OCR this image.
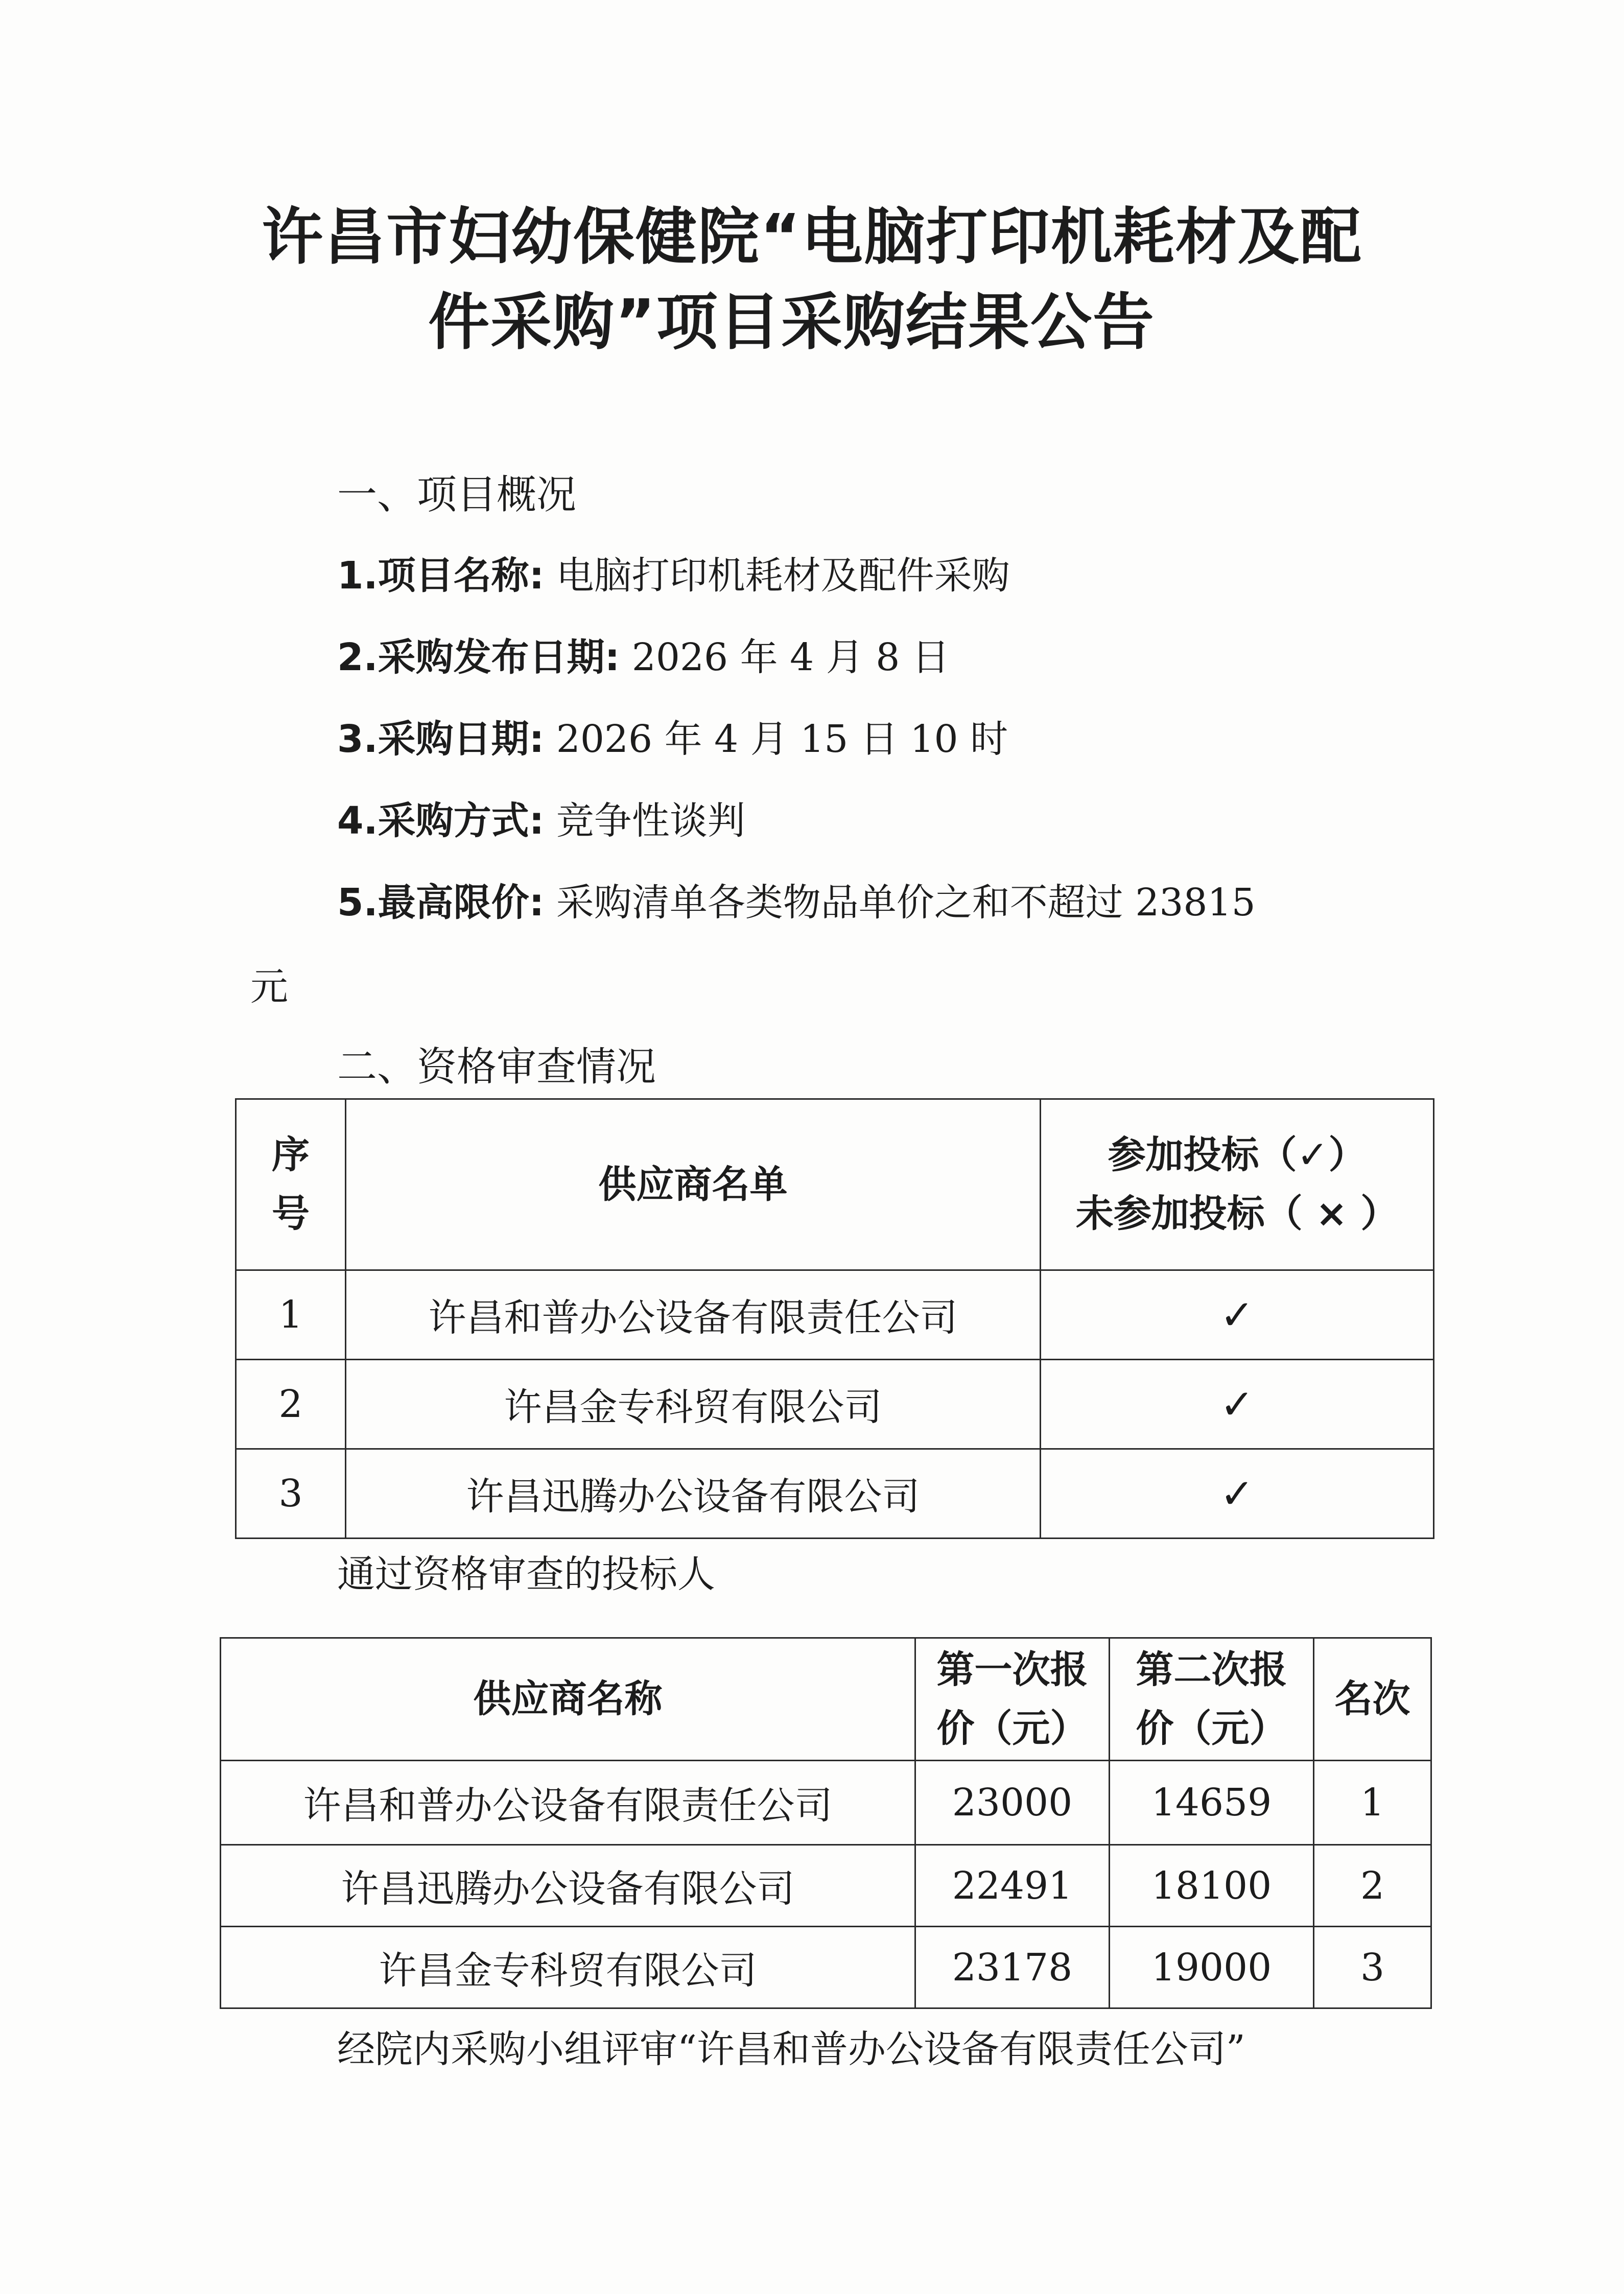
许昌市妇幼保健院“电脑打印机耗材及配
件采购”项目采购结果公告
一、项目概况
1.项目名称: 电脑打印机耗材及配件采购
2.采购发布日期: 2026 年 4 月 8 日
3.采购日期: 2026 年 4 月 15 日 10 时
4.采购方式: 竞争性谈判
5.最高限价: 采购清单各类物品单价之和不超过 23815
元
二、资格审查情况
序号	供应商名单	参加投标（✓）
未参加投标（ × ）

1	许昌和普办公设备有限责任公司	✓
2	许昌金专科贸有限公司	✓
3	许昌迅腾办公设备有限公司	✓
通过资格审查的投标人
供应商名称	第一次报价（元）	第二次报价（元）	名次
许昌和普办公设备有限责任公司	23000	14659	1
许昌迅腾办公设备有限公司	22491	18100	2
许昌金专科贸有限公司	23178	19000	3
经院内采购小组评审“许昌和普办公设备有限责任公司”
